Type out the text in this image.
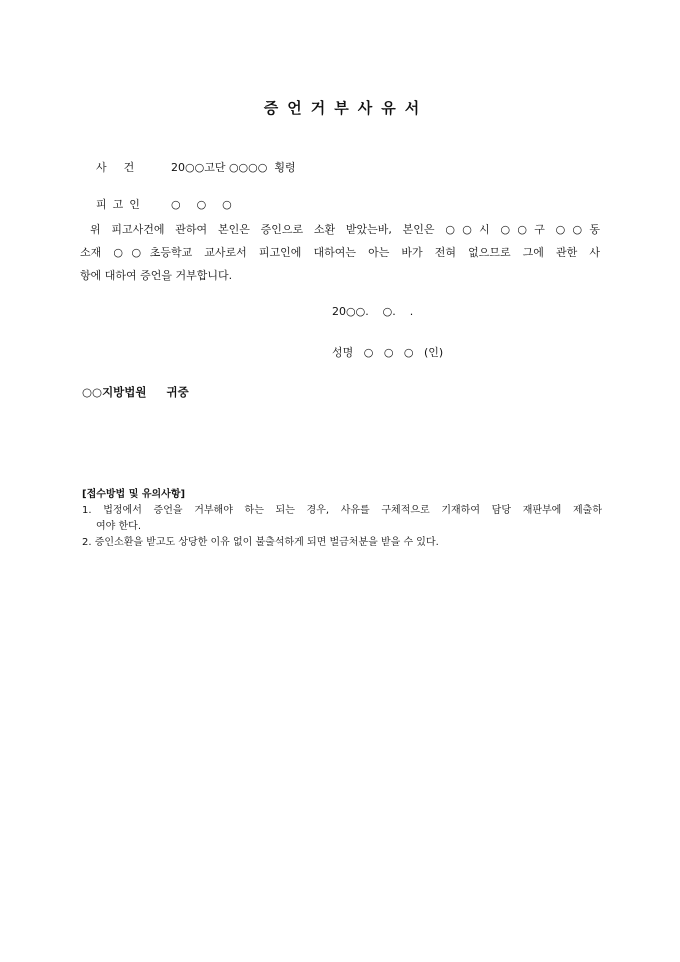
증언거부사유서

사건 20○○고단 ○○○○  횡령

피고인 ○  ○  ○

위 피고사건에 관하여 본인은 증인으로 소환 받았는바, 본인은 ○○시 ○○구 ○○동
소재 ○○초등학교 교사로서 피고인에 대하여는 아는 바가 전혀 없으므로 그에 관한 사
항에 대하여 증언을 거부합니다.
20○○.    ○.    .
성명   ○   ○   ○   (인)
○○지방법원     귀중
[접수방법 및 유의사항]
1. 법정에서 증언을 거부해야 하는 되는 경우, 사유를 구체적으로 기재하여 담당 재판부에 제출하
여야 한다.
2. 증인소환을 받고도 상당한 이유 없이 불출석하게 되면 벌금처분을 받을 수 있다.
